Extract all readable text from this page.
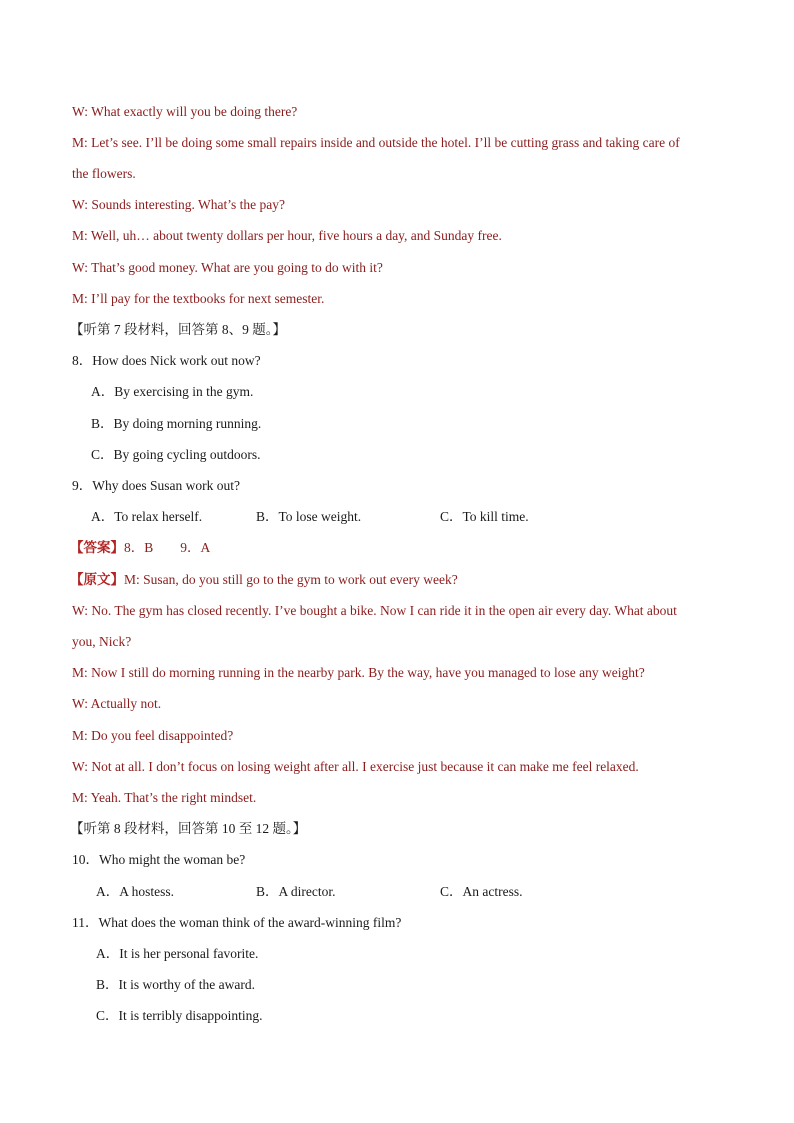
W: What exactly will you be doing there?
M: Let’s see. I’ll be doing some small repairs inside and outside the hotel. I’ll be cutting grass and taking care of
the flowers.
W: Sounds interesting. What’s the pay?
M: Well, uh… about twenty dollars per hour, five hours a day, and Sunday free.
W: That’s good money. What are you going to do with it?
M: I’ll pay for the textbooks for next semester.
【听第 7 段材料，回答第 8、9 题。】
8．How does Nick work out now?
A．By exercising in the gym.
B．By doing morning running.
C．By going cycling outdoors.
9．Why does Susan work out?
A．To relax herself.	B．To lose weight.	C．To kill time.
【答案】8．B　　9．A
【原文】M: Susan, do you still go to the gym to work out every week?
W: No. The gym has closed recently. I’ve bought a bike. Now I can ride it in the open air every day. What about
you, Nick?
M: Now I still do morning running in the nearby park. By the way, have you managed to lose any weight?
W: Actually not.
M: Do you feel disappointed?
W: Not at all. I don’t focus on losing weight after all. I exercise just because it can make me feel relaxed.
M: Yeah. That’s the right mindset.
【听第 8 段材料，回答第 10 至 12 题。】
10．Who might the woman be?
A．A hostess.	B．A director.	C．An actress.
11．What does the woman think of the award-winning film?
A．It is her personal favorite.
B．It is worthy of the award.
C．It is terribly disappointing.
